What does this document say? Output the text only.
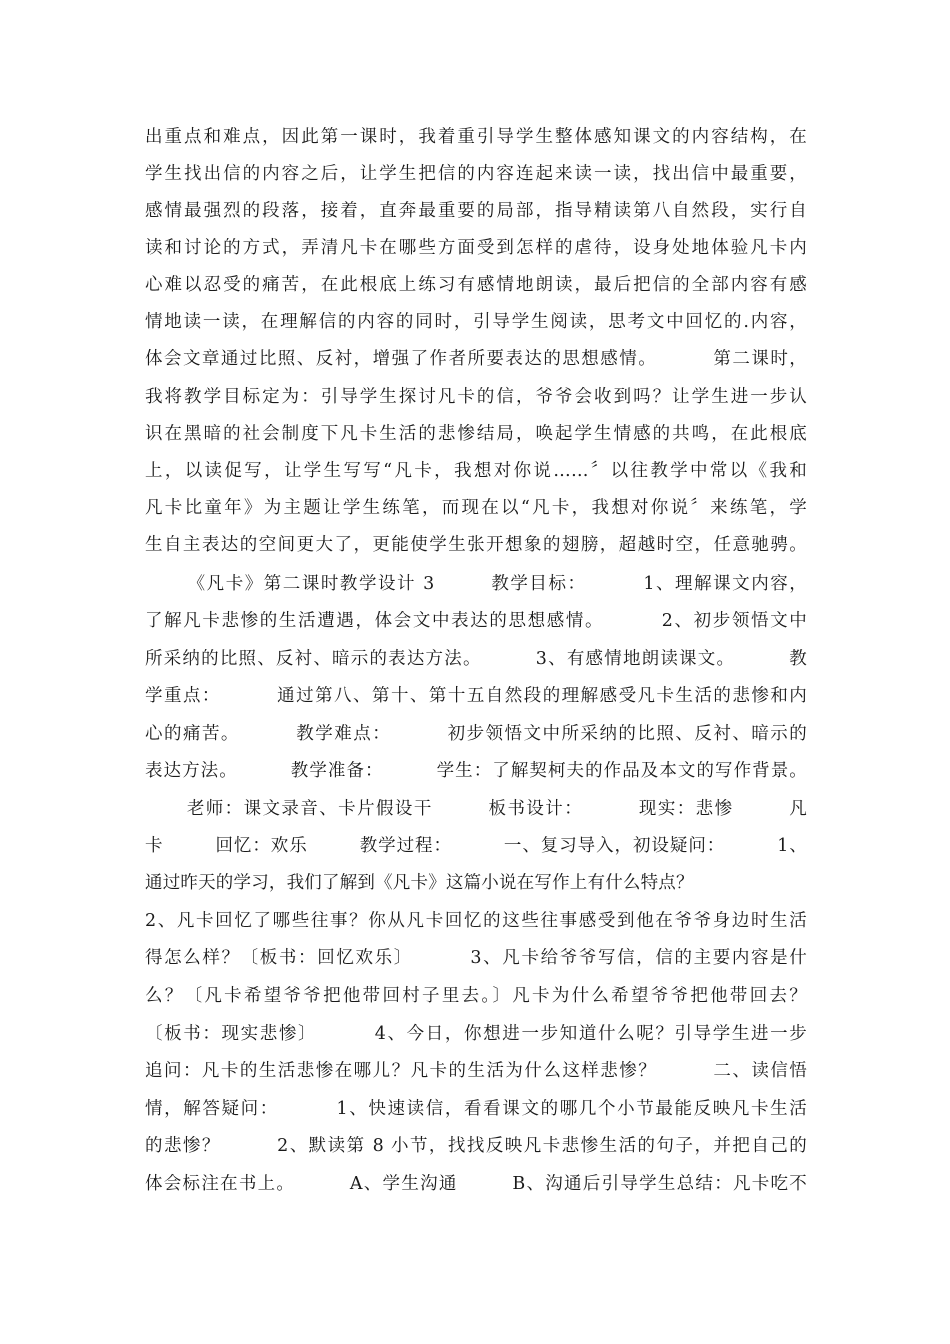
出重点和难点，因此第一课时，我着重引导学生整体感知课文的内容结构，在
学生找出信的内容之后，让学生把信的内容连起来读一读，找出信中最重要，
感情最强烈的段落，接着，直奔最重要的局部，指导精读第八自然段，实行自
读和讨论的方式，弄清凡卡在哪些方面受到怎样的虐待，设身处地体验凡卡内
心难以忍受的痛苦，在此根底上练习有感情地朗读，最后把信的全部内容有感
情地读一读，在理解信的内容的同时，引导学生阅读，思考文中回忆的.内容，
体会文章通过比照、反衬，增强了作者所要表达的思想感情。        第二课时，
我将教学目标定为：引导学生探讨凡卡的信，爷爷会收到吗？让学生进一步认
识在黑暗的社会制度下凡卡生活的悲惨结局，唤起学生情感的共鸣，在此根底
上，以读促写，让学生写写“凡卡，我想对你说……〞以往教学中常以《我和
凡卡比童年》为主题让学生练笔，而现在以“凡卡，我想对你说〞来练笔，学
生自主表达的空间更大了，更能使学生张开想象的翅膀，超越时空，任意驰骋。
《凡卡》第二课时教学设计 3        教学目标：        1、理解课文内容，
了解凡卡悲惨的生活遭遇，体会文中表达的思想感情。        2、初步领悟文中
所采纳的比照、反衬、暗示的表达方法。        3、有感情地朗读课文。        教
学重点：        通过第八、第十、第十五自然段的理解感受凡卡生活的悲惨和内
心的痛苦。        教学难点：        初步领悟文中所采纳的比照、反衬、暗示的
表达方法。        教学准备：        学生：了解契柯夫的作品及本文的写作背景。
老师：课文录音、卡片假设干        板书设计：        现实：悲惨        凡
卡        回忆：欢乐        教学过程：        一、复习导入，初设疑问：        1、
通过昨天的学习，我们了解到《凡卡》这篇小说在写作上有什么特点？
2、凡卡回忆了哪些往事？你从凡卡回忆的这些往事感受到他在爷爷身边时生活
得怎么样？〔板书：回忆欢乐〕        3、凡卡给爷爷写信，信的主要内容是什
么？〔凡卡希望爷爷把他带回村子里去。〕凡卡为什么希望爷爷把他带回去？
〔板书：现实悲惨〕        4、今日，你想进一步知道什么呢？引导学生进一步
追问：凡卡的生活悲惨在哪儿？凡卡的生活为什么这样悲惨？        二、读信悟
情，解答疑问：        1、快速读信，看看课文的哪几个小节最能反映凡卡生活
的悲惨？        2、默读第 8 小节，找找反映凡卡悲惨生活的句子，并把自己的
体会标注在书上。        A、学生沟通        B、沟通后引导学生总结：凡卡吃不
